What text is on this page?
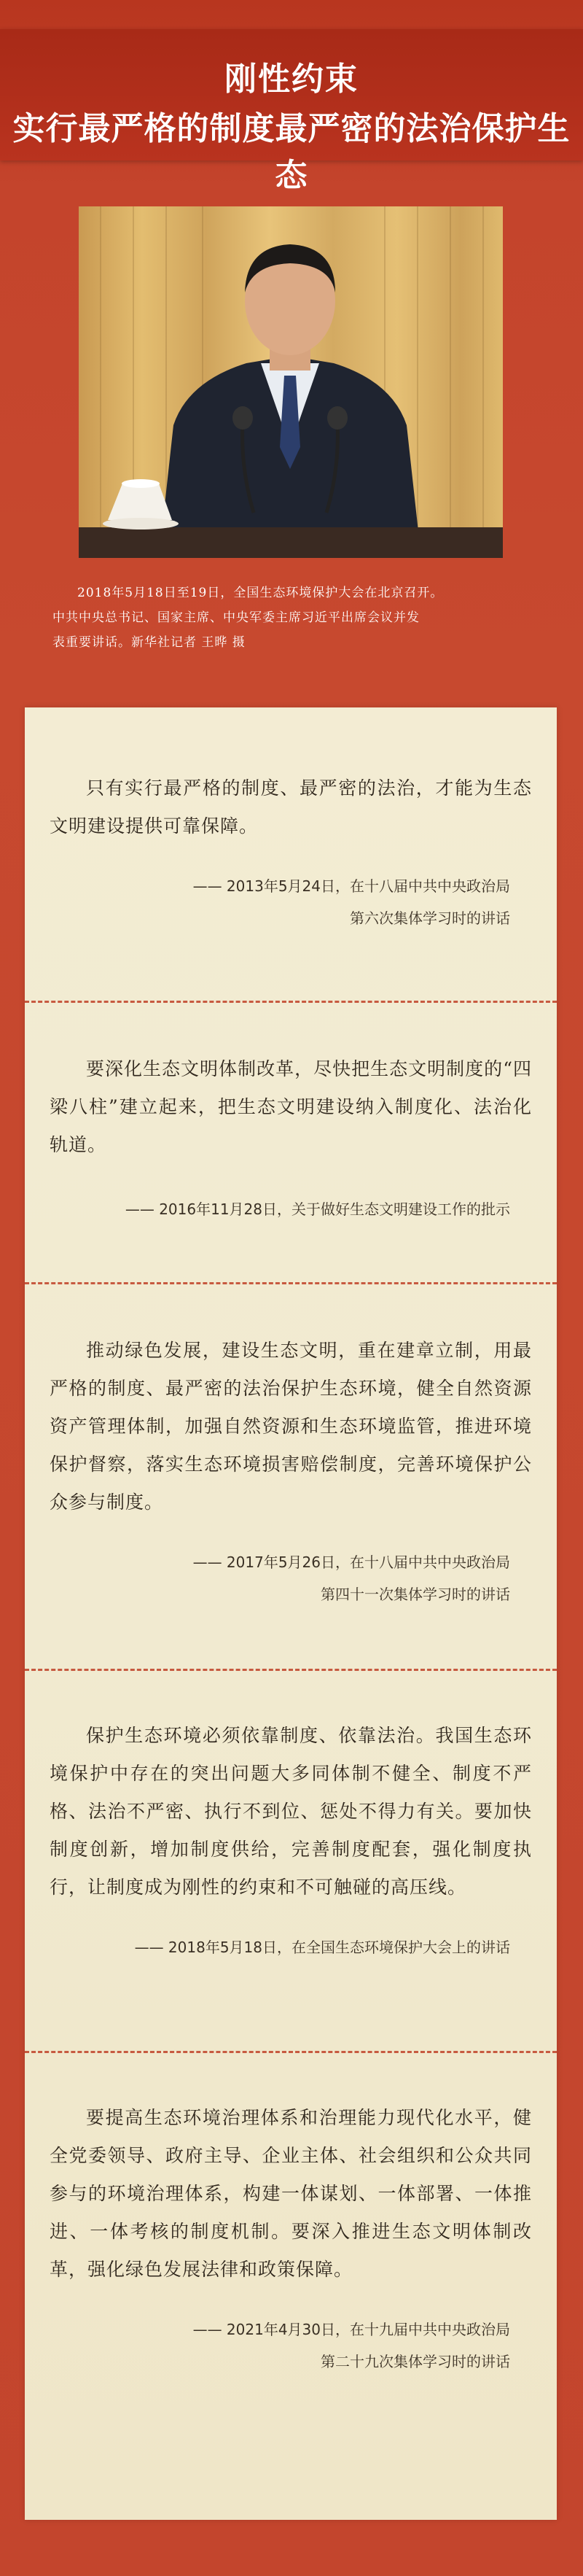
刚性约束
实行最严格的制度最严密的法治保护生态

2018年5月18日至19日，全国生态环境保护大会在北京召开。

中共中央总书记、国家主席、中央军委主席习近平出席会议并发

表重要讲话。新华社记者 王晔 摄

只有实行最严格的制度、最严密的法治，才能为生态文明建设提供可靠保障。

—— 2013年5月24日，在十八届中共中央政治局

第六次集体学习时的讲话

要深化生态文明体制改革，尽快把生态文明制度的“四梁八柱”建立起来，把生态文明建设纳入制度化、法治化轨道。

—— 2016年11月28日，关于做好生态文明建设工作的批示

推动绿色发展，建设生态文明，重在建章立制，用最严格的制度、最严密的法治保护生态环境，健全自然资源资产管理体制，加强自然资源和生态环境监管，推进环境保护督察，落实生态环境损害赔偿制度，完善环境保护公众参与制度。

—— 2017年5月26日，在十八届中共中央政治局

第四十一次集体学习时的讲话

保护生态环境必须依靠制度、依靠法治。我国生态环境保护中存在的突出问题大多同体制不健全、制度不严格、法治不严密、执行不到位、惩处不得力有关。要加快制度创新，增加制度供给，完善制度配套，强化制度执行，让制度成为刚性的约束和不可触碰的高压线。

—— 2018年5月18日，在全国生态环境保护大会上的讲话

要提高生态环境治理体系和治理能力现代化水平，健全党委领导、政府主导、企业主体、社会组织和公众共同参与的环境治理体系，构建一体谋划、一体部署、一体推进、一体考核的制度机制。要深入推进生态文明体制改革，强化绿色发展法律和政策保障。

—— 2021年4月30日，在十九届中共中央政治局

第二十九次集体学习时的讲话
